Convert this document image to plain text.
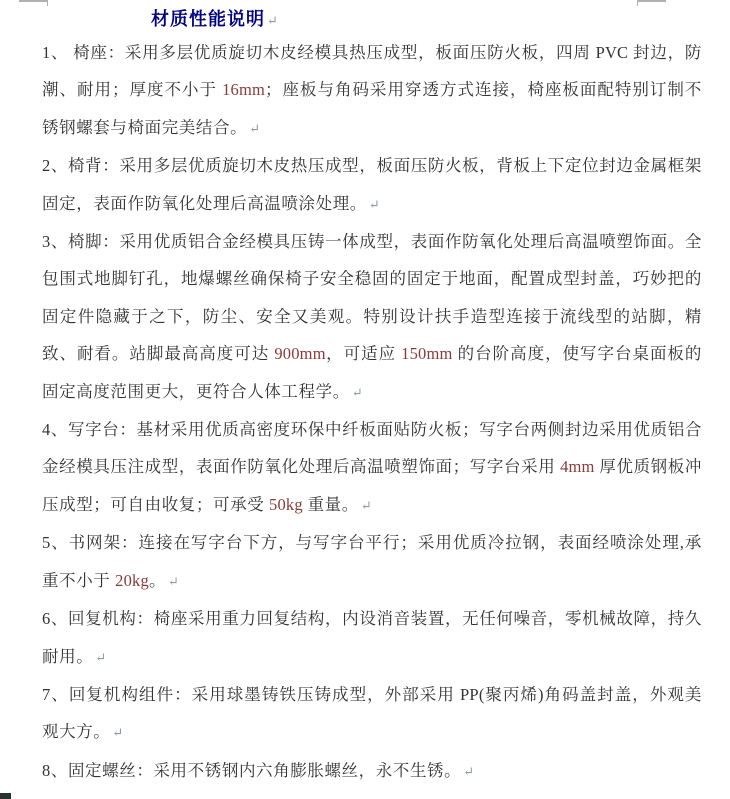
材质性能说明 ↵

1、 椅座：采用多层优质旋切木皮经模具热压成型，板面压防火板，四周 PVC 封边，防潮、耐用；厚度不小于 16mm；座板与角码采用穿透方式连接，椅座板面配特别订制不锈钢螺套与椅面完美结合。 ↵

2、椅背：采用多层优质旋切木皮热压成型，板面压防火板，背板上下定位封边金属框架固定，表面作防氧化处理后高温喷涂处理。 ↵

3、椅脚：采用优质铝合金经模具压铸一体成型，表面作防氧化处理后高温喷塑饰面。全包围式地脚钉孔，地爆螺丝确保椅子安全稳固的固定于地面，配置成型封盖，巧妙把的固定件隐藏于之下，防尘、安全又美观。特别设计扶手造型连接于流线型的站脚，精致、耐看。站脚最高高度可达 900mm，可适应 150mm 的台阶高度，使写字台桌面板的固定高度范围更大，更符合人体工程学。 ↵

4、写字台：基材采用优质高密度环保中纤板面贴防火板；写字台两侧封边采用优质铝合金经模具压注成型，表面作防氧化处理后高温喷塑饰面；写字台采用 4mm 厚优质钢板冲压成型；可自由收复；可承受 50kg 重量。 ↵

5、书网架：连接在写字台下方，与写字台平行；采用优质冷拉钢，表面经喷涂处理,承重不小于 20kg。 ↵

6、回复机构：椅座采用重力回复结构，内设消音装置，无任何噪音，零机械故障，持久耐用。 ↵

7、回复机构组件：采用球墨铸铁压铸成型，外部采用 PP(聚丙烯)角码盖封盖，外观美观大方。 ↵

8、固定螺丝：采用不锈钢内六角膨胀螺丝，永不生锈。 ↵
